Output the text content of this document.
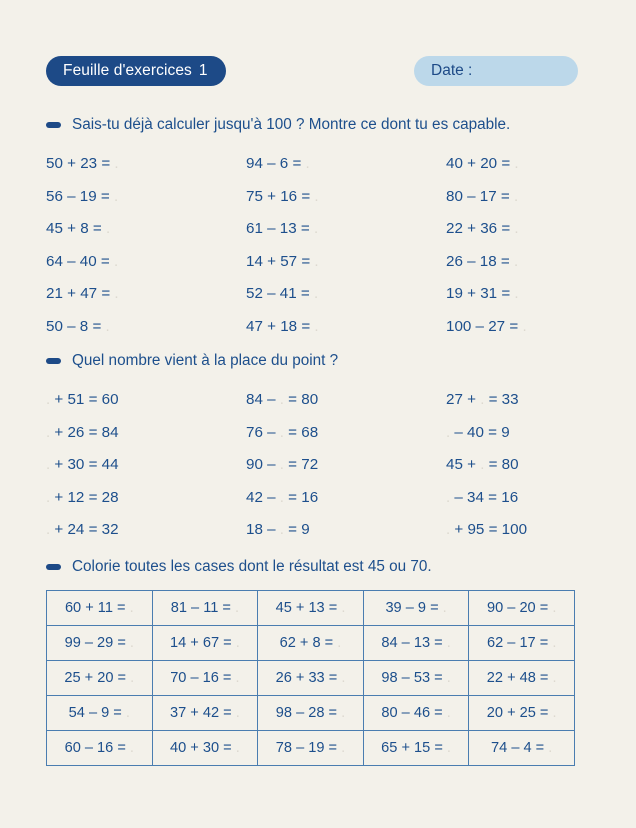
Feuille d'exercices 1	Date :
Sais-tu déjà calculer jusqu'à 100 ? Montre ce dont tu es capable.
50 + 23 = .	94 – 6 = .	40 + 20 = .
56 – 19 = .	75 + 16 = .	80 – 17 = .
45 + 8 = .	61 – 13 = .	22 + 36 = .
64 – 40 = .	14 + 57 = .	26 – 18 = .
21 + 47 = .	52 – 41 = .	19 + 31 = .
50 – 8 = .	47 + 18 = .	100 – 27 = .
Quel nombre vient à la place du point ?
. + 51 = 60	84 – . = 80	27 + . = 33
. + 26 = 84	76 – . = 68	. – 40 = 9
. + 30 = 44	90 – . = 72	45 + . = 80
. + 12 = 28	42 – . = 16	. – 34 = 16
. + 24 = 32	18 – . = 9	. + 95 = 100
Colorie toutes les cases dont le résultat est 45 ou 70.
60 + 11 = .	81 – 11 = .	45 + 13 = .	39 – 9 = .	90 – 20 = .
99 – 29 = .	14 + 67 = .	62 + 8 = .	84 – 13 = .	62 – 17 = .
25 + 20 = .	70 – 16 = .	26 + 33 = .	98 – 53 = .	22 + 48 = .
54 – 9 = .	37 + 42 = .	98 – 28 = .	80 – 46 = .	20 + 25 = .
60 – 16 = .	40 + 30 = .	78 – 19 = .	65 + 15 = .	74 – 4 = .
